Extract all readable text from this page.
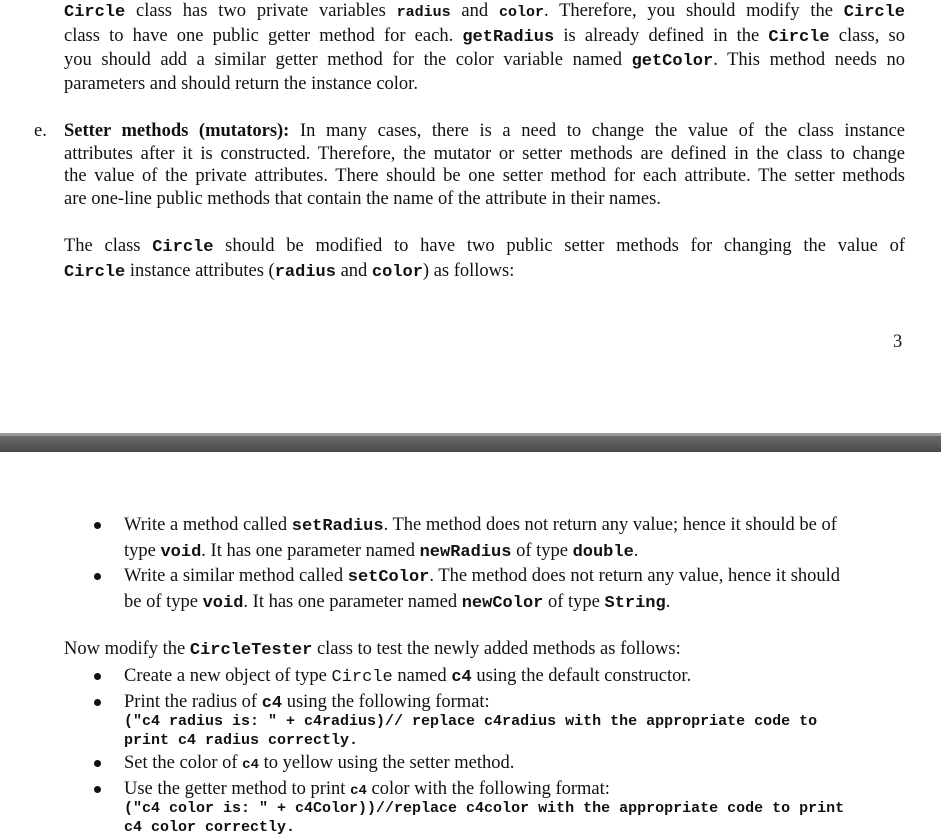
Circle class has two private variables radius and color. Therefore, you should modify the Circle
class to have one public getter method for each. getRadius is already defined in the Circle class, so
you should add a similar getter method for the color variable named getColor. This method needs no
parameters and should return the instance color.
e. Setter methods (mutators): In many cases, there is a need to change the value of the class instance
attributes after it is constructed. Therefore, the mutator or setter methods are defined in the class to change
the value of the private attributes. There should be one setter method for each attribute. The setter methods
are one-line public methods that contain the name of the attribute in their names.
The class Circle should be modified to have two public setter methods for changing the value of
Circle instance attributes (radius and color) as follows:
3
Write a method called setRadius. The method does not return any value; hence it should be of
type void. It has one parameter named newRadius of type double.
Write a similar method called setColor. The method does not return any value, hence it should
be of type void. It has one parameter named newColor of type String.
Now modify the CircleTester class to test the newly added methods as follows:
Create a new object of type Circle named c4 using the default constructor.
Print the radius of c4 using the following format:
("c4 radius is: " + c4radius)// replace c4radius with the appropriate code to
print c4 radius correctly.
Set the color of c4 to yellow using the setter method.
Use the getter method to print c4 color with the following format:
("c4 color is: " + c4Color))//replace c4color with the appropriate code to print
c4 color correctly.
